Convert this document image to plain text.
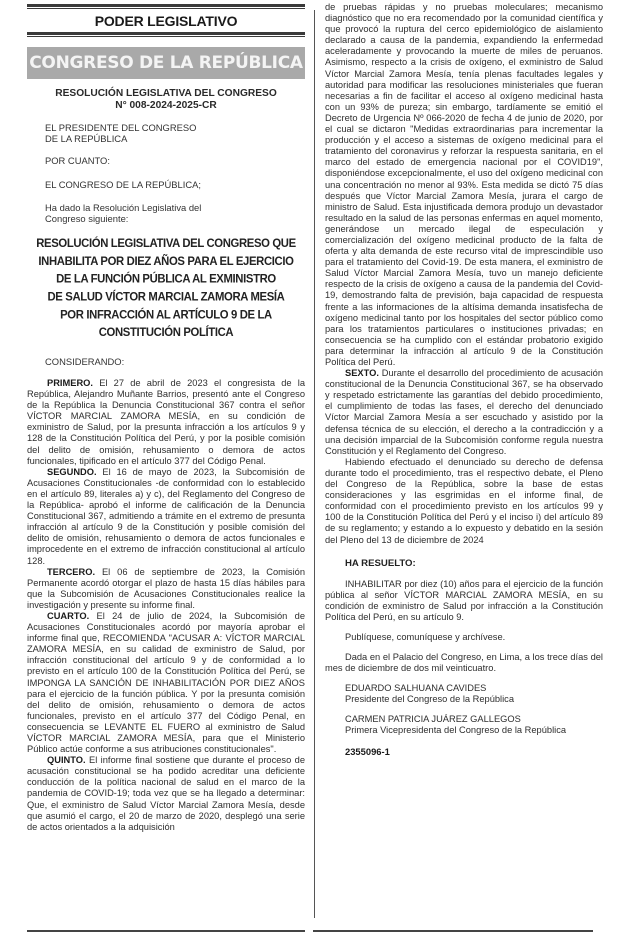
PODER LEGISLATIVO
CONGRESO DE LA REPÚBLICA
RESOLUCIÓN LEGISLATIVA DEL CONGRESO
N° 008-2024-2025-CR
EL PRESIDENTE DEL CONGRESO
DE LA REPÚBLICA
POR CUANTO:
EL CONGRESO DE LA REPÚBLICA;
Ha dado la Resolución Legislativa del
Congreso siguiente:
RESOLUCIÓN LEGISLATIVA DEL CONGRESO QUE
INHABILITA POR DIEZ AÑOS PARA EL EJERCICIO
DE LA FUNCIÓN PÚBLICA AL EXMINISTRO
DE SALUD VÍCTOR MARCIAL ZAMORA MESÍA
POR INFRACCIÓN AL ARTÍCULO 9 DE LA
CONSTITUCIÓN POLÍTICA
CONSIDERANDO:

PRIMERO. El 27 de abril de 2023 el congresista de la República, Alejandro Muñante Barrios, presentó ante el Congreso de la República la Denuncia Constitucional 367 contra el señor VÍCTOR MARCIAL ZAMORA MESÍA, en su condición de exministro de Salud, por la presunta infracción a los artículos 9 y 128 de la Constitución Política del Perú, y por la posible comisión del delito de omisión, rehusamiento o demora de actos funcionales, tipificado en el artículo 377 del Código Penal.

SEGUNDO. El 16 de mayo de 2023, la Subcomisión de Acusaciones Constitucionales -de conformidad con lo establecido en el artículo 89, literales a) y c), del Reglamento del Congreso de la República- aprobó el informe de calificación de la Denuncia Constitucional 367, admitiendo a trámite en el extremo de presunta infracción al artículo 9 de la Constitución y posible comisión del delito de omisión, rehusamiento o demora de actos funcionales e improcedente en el extremo de infracción constitucional al artículo 128.

TERCERO. El 06 de septiembre de 2023, la Comisión Permanente acordó otorgar el plazo de hasta 15 días hábiles para que la Subcomisión de Acusaciones Constitucionales realice la investigación y presente su informe final.

CUARTO. El 24 de julio de 2024, la Subcomisión de Acusaciones Constitucionales acordó por mayoría aprobar el informe final que, RECOMIENDA "ACUSAR A: VÍCTOR MARCIAL ZAMORA MESÍA, en su calidad de exministro de Salud, por infracción constitucional del artículo 9 y de conformidad a lo previsto en el artículo 100 de la Constitución Política del Perú, se IMPONGA LA SANCIÓN DE INHABILITACIÓN POR DIEZ AÑOS para el ejercicio de la función pública. Y por la presunta comisión del delito de omisión, rehusamiento o demora de actos funcionales, previsto en el artículo 377 del Código Penal, en consecuencia se LEVANTE EL FUERO al exministro de Salud VÍCTOR MARCIAL ZAMORA MESÍA, para que el Ministerio Público actúe conforme a sus atribuciones constitucionales".

QUINTO. El informe final sostiene que durante el proceso de acusación constitucional se ha podido acreditar una deficiente conducción de la política nacional de salud en el marco de la pandemia de COVID-19; toda vez que se ha llegado a determinar: Que, el exministro de Salud Víctor Marcial Zamora Mesía, desde que asumió el cargo, el 20 de marzo de 2020, desplegó una serie de actos orientados a la adquisición

de pruebas rápidas y no pruebas moleculares; mecanismo diagnóstico que no era recomendado por la comunidad científica y que provocó la ruptura del cerco epidemiológico de aislamiento declarado a causa de la pandemia, expandiendo la enfermedad aceleradamente y provocando la muerte de miles de peruanos. Asimismo, respecto a la crisis de oxígeno, el exministro de Salud Víctor Marcial Zamora Mesía, tenía plenas facultades legales y autoridad para modificar las resoluciones ministeriales que fueran necesarias a fin de facilitar el acceso al oxígeno medicinal hasta con un 93% de pureza; sin embargo, tardíamente se emitió el Decreto de Urgencia Nº 066-2020 de fecha 4 de junio de 2020, por el cual se dictaron "Medidas extraordinarias para incrementar la producción y el acceso a sistemas de oxígeno medicinal para el tratamiento del coronavirus y reforzar la respuesta sanitaria, en el marco del estado de emergencia nacional por el COVID19", disponiéndose excepcionalmente, el uso del oxígeno medicinal con una concentración no menor al 93%. Esta medida se dictó 75 días después que Víctor Marcial Zamora Mesía, jurara el cargo de ministro de Salud. Esta injustificada demora produjo un devastador resultado en la salud de las personas enfermas en aquel momento, generándose un mercado ilegal de especulación y comercialización del oxígeno medicinal producto de la falta de oferta y alta demanda de este recurso vital de imprescindible uso para el tratamiento del Covid-19. De esta manera, el exministro de Salud Víctor Marcial Zamora Mesía, tuvo un manejo deficiente respecto de la crisis de oxígeno a causa de la pandemia del Covid-19, demostrando falta de previsión, baja capacidad de respuesta frente a las informaciones de la altísima demanda insatisfecha de oxígeno medicinal tanto por los hospitales del sector público como para los tratamientos particulares o instituciones privadas; en consecuencia se ha cumplido con el estándar probatorio exigido para determinar la infracción al artículo 9 de la Constitución Política del Perú.

SEXTO. Durante el desarrollo del procedimiento de acusación constitucional de la Denuncia Constitucional 367, se ha observado y respetado estrictamente las garantías del debido procedimiento, el cumplimiento de todas las fases, el derecho del denunciado Víctor Marcial Zamora Mesía a ser escuchado y asistido por la defensa técnica de su elección, el derecho a la contradicción y a una decisión imparcial de la Subcomisión conforme regula nuestra Constitución y el Reglamento del Congreso.

Habiendo efectuado el denunciado su derecho de defensa durante todo el procedimiento, tras el respectivo debate, el Pleno del Congreso de la República, sobre la base de estas consideraciones y las esgrimidas en el informe final, de conformidad con el procedimiento previsto en los artículos 99 y 100 de la Constitución Política del Perú y el inciso i) del artículo 89 de su reglamento; y estando a lo expuesto y debatido en la sesión del Pleno del 13 de diciembre de 2024

HA RESUELTO:

INHABILITAR por diez (10) años para el ejercicio de la función pública al señor VÍCTOR MARCIAL ZAMORA MESÍA, en su condición de exministro de Salud por infracción a la Constitución Política del Perú, en su artículo 9.

Publíquese, comuníquese y archívese.

Dada en el Palacio del Congreso, en Lima, a los trece días del mes de diciembre de dos mil veinticuatro.

EDUARDO SALHUANA CAVIDES

Presidente del Congreso de la República

CARMEN PATRICIA JUÁREZ GALLEGOS

Primera Vicepresidenta del Congreso de la República

2355096-1
